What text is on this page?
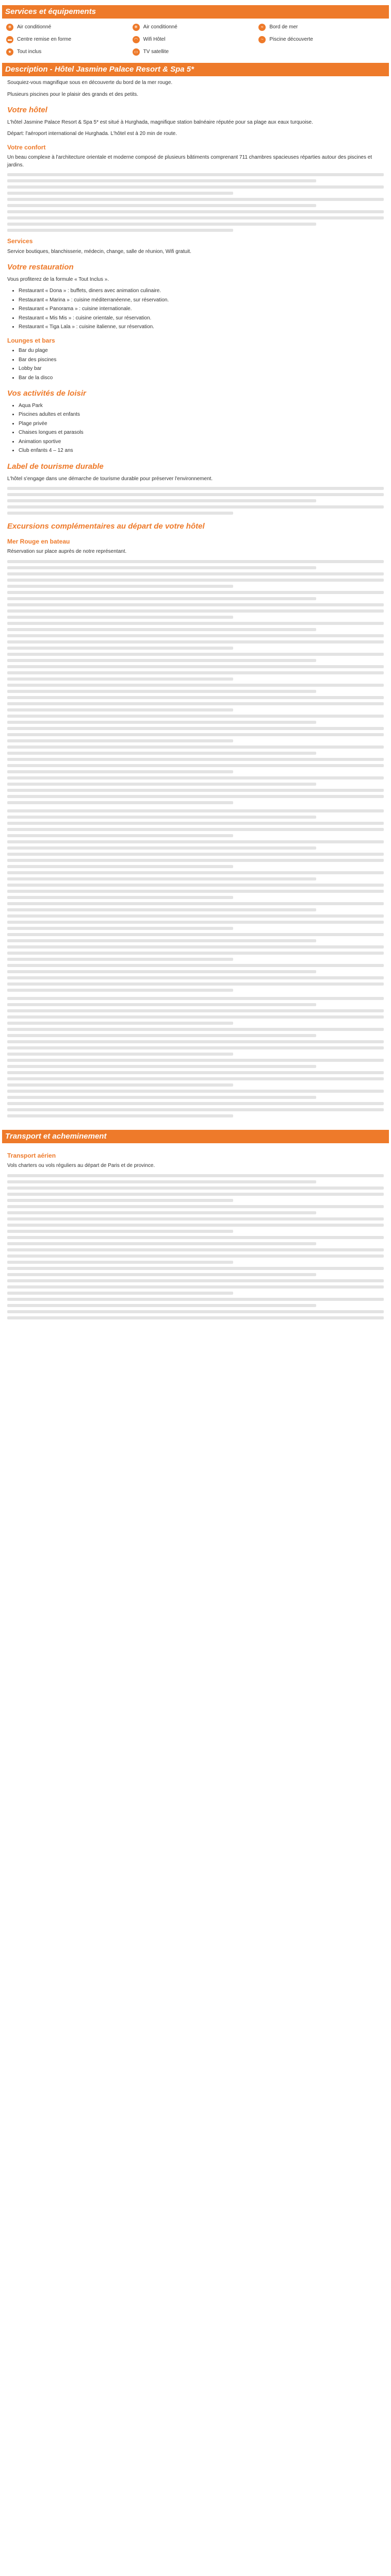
Services et équipements
❄	Air conditionné	❄	Air conditionné	≈	Bord de mer
▬	Centre remise en forme	◠	Wifi Hôtel	~	Piscine découverte
★	Tout inclus	▭	TV satellite
Description - Hôtel Jasmine Palace Resort & Spa 5*

Souquiez-vous magnifique sous en découverte du bord de la mer rouge.

Plusieurs piscines pour le plaisir des grands et des petits.

Votre hôtel

L'hôtel Jasmine Palace Resort & Spa 5* est situé à Hurghada, magnifique station balnéaire réputée pour sa plage aux eaux turquoise.

Départ: l'aéroport international de Hurghada. L'hôtel est à 20 min de route.

Votre confort

Un beau complexe à l'architecture orientale et moderne composé de plusieurs bâtiments comprenant 711 chambres spacieuses réparties autour des piscines et jardins.

Services

Service boutiques, blanchisserie, médecin, change, salle de réunion, Wifi gratuit.

Votre restauration

Vous profiterez de la formule « Tout Inclus ».

• Restaurant « Dona » : buffets, diners avec animation culinaire.
• Restaurant « Marina » : cuisine méditerranéenne, sur réservation.
• Restaurant « Panorama » : cuisine internationale.
• Restaurant « Mis Mis » : cuisine orientale, sur réservation.
• Restaurant « Tiga Lala » : cuisine italienne, sur réservation.
Lounges et bars
• Bar du plage
• Bar des piscines
• Lobby bar
• Bar de la disco
Vos activités de loisir
• Aqua Park
• Piscines adultes et enfants
• Plage privée
• Chaises longues et parasols
• Animation sportive
• Club enfants 4 – 12 ans
Label de tourisme durable

L'hôtel s'engage dans une démarche de tourisme durable pour préserver l'environnement.

Excursions complémentaires au départ de votre hôtel
Mer Rouge en bateau

Réservation sur place auprès de notre représentant.

Transport et acheminement
Transport aérien

Vols charters ou vols réguliers au départ de Paris et de province.
